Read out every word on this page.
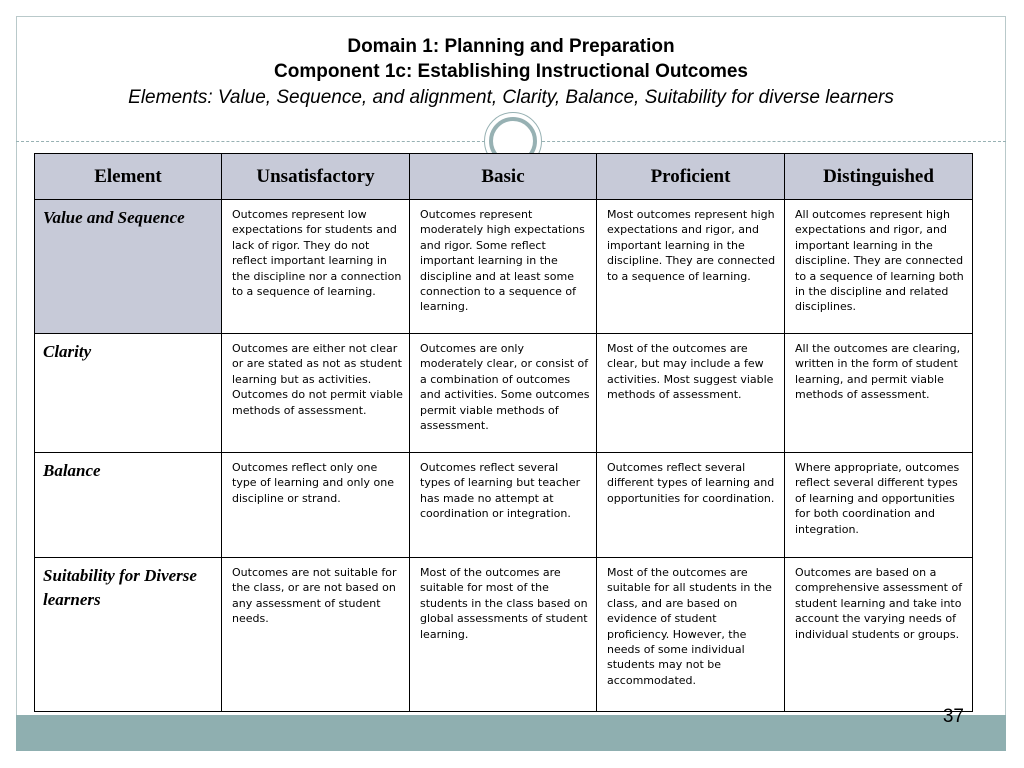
Domain 1: Planning and Preparation
Component 1c: Establishing Instructional Outcomes
Elements: Value, Sequence, and alignment, Clarity, Balance, Suitability for diverse learners
Element	Unsatisfactory	Basic	Proficient	Distinguished
Value and Sequence	Outcomes represent low expectations for students and lack of rigor. They do not reflect important learning in the discipline nor a connection to a sequence of learning.	Outcomes represent moderately high expectations and rigor. Some reflect important learning in the discipline and at least some connection to a sequence of learning.	Most outcomes represent high expectations and rigor, and important learning in the discipline. They are connected to a sequence of learning.	All outcomes represent high expectations and rigor, and important learning in the discipline. They are connected to a sequence of learning both in the discipline and related disciplines.
Clarity	Outcomes are either not clear or are stated as not as student learning but as activities. Outcomes do not permit viable methods of assessment.	Outcomes are only moderately clear, or consist of a combination of outcomes and activities. Some outcomes permit viable methods of assessment.	Most of the outcomes are clear, but may include a few activities. Most suggest viable methods of assessment.	All the outcomes are clearing, written in the form of student learning, and permit viable methods of assessment.
Balance	Outcomes reflect only one type of learning and only one discipline or strand.	Outcomes reflect several types of learning but teacher has made no attempt at coordination or integration.	Outcomes reflect several different types of learning and opportunities for coordination.	Where appropriate, outcomes reflect several different types of learning and opportunities for both coordination and integration.
Suitability for Diverse learners	Outcomes are not suitable for the class, or are not based on any assessment of student needs.	Most of the outcomes are suitable for most of the students in the class based on global assessments of student learning.	Most of the outcomes are suitable for all students in the class, and are based on evidence of student proficiency. However, the needs of some individual students may not be accommodated.	Outcomes are based on a comprehensive assessment of student learning and take into account the varying needs of individual students or groups.
37
